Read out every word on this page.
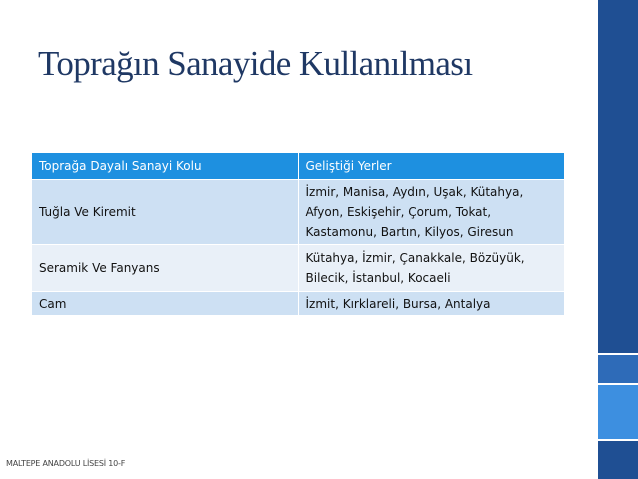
Toprağın Sanayide Kullanılması
Toprağa Dayalı Sanayi Kolu	Geliştiği Yerler
Tuğla Ve Kiremit	İzmir, Manisa, Aydın, Uşak, Kütahya,
Afyon, Eskişehir, Çorum, Tokat,
Kastamonu, Bartın, Kilyos, Giresun

Seramik Ve Fanyans	Kütahya, İzmir, Çanakkale, Bözüyük,
Bilecik, İstanbul, Kocaeli

Cam	İzmit, Kırklareli, Bursa, Antalya
MALTEPE ANADOLU LİSESİ 10-F
